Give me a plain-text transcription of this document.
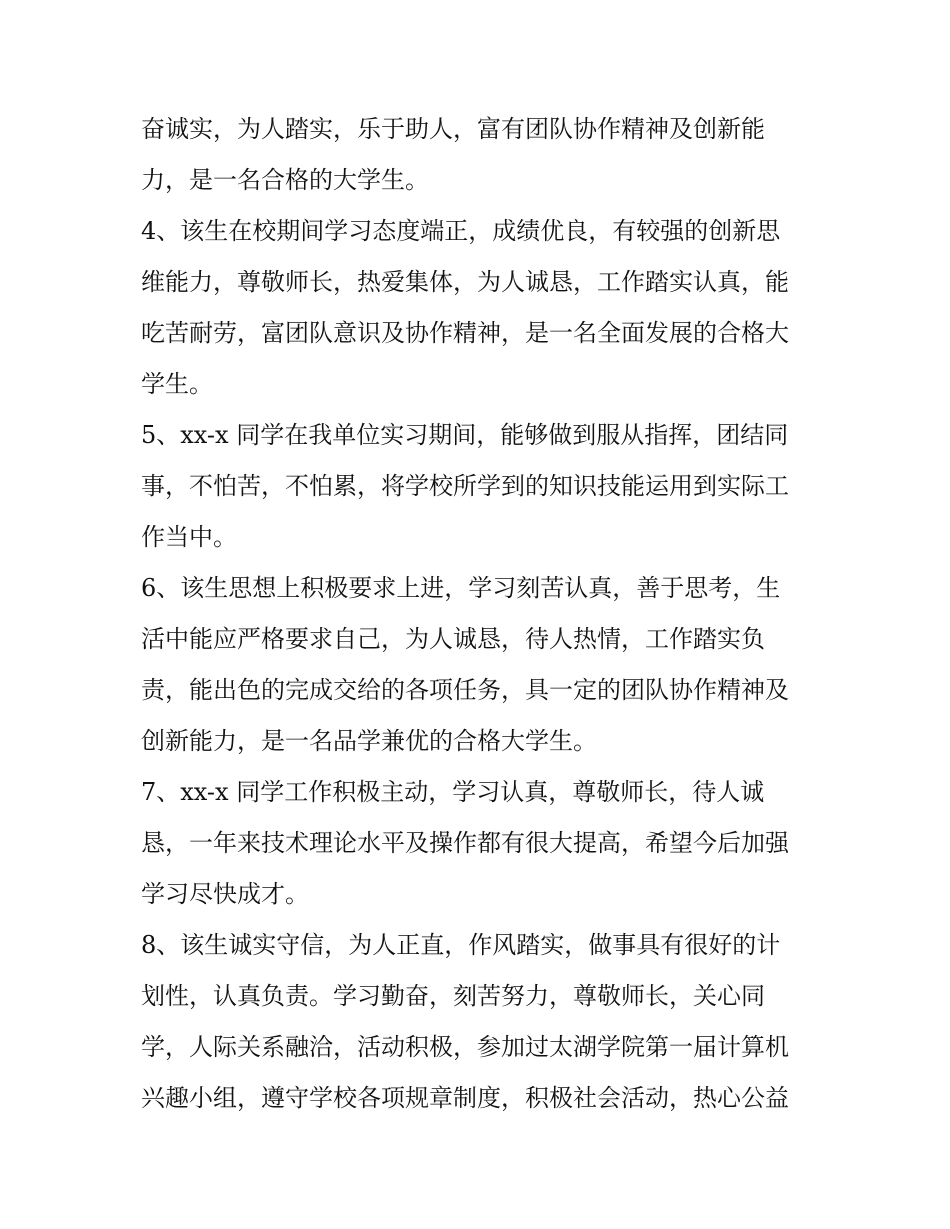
奋诚实，为人踏实，乐于助人，富有团队协作精神及创新能
力，是一名合格的大学生。
4、该生在校期间学习态度端正，成绩优良，有较强的创新思
维能力，尊敬师长，热爱集体，为人诚恳，工作踏实认真，能
吃苦耐劳，富团队意识及协作精神，是一名全面发展的合格大
学生。
5、xx-x 同学在我单位实习期间，能够做到服从指挥，团结同
事，不怕苦，不怕累，将学校所学到的知识技能运用到实际工
作当中。
6、该生思想上积极要求上进，学习刻苦认真，善于思考，生
活中能应严格要求自己，为人诚恳，待人热情，工作踏实负
责，能出色的完成交给的各项任务，具一定的团队协作精神及
创新能力，是一名品学兼优的合格大学生。
7、xx-x 同学工作积极主动，学习认真，尊敬师长，待人诚
恳，一年来技术理论水平及操作都有很大提高，希望今后加强
学习尽快成才。
8、该生诚实守信，为人正直，作风踏实，做事具有很好的计
划性，认真负责。学习勤奋，刻苦努力，尊敬师长，关心同
学，人际关系融洽，活动积极，参加过太湖学院第一届计算机
兴趣小组，遵守学校各项规章制度，积极社会活动，热心公益
